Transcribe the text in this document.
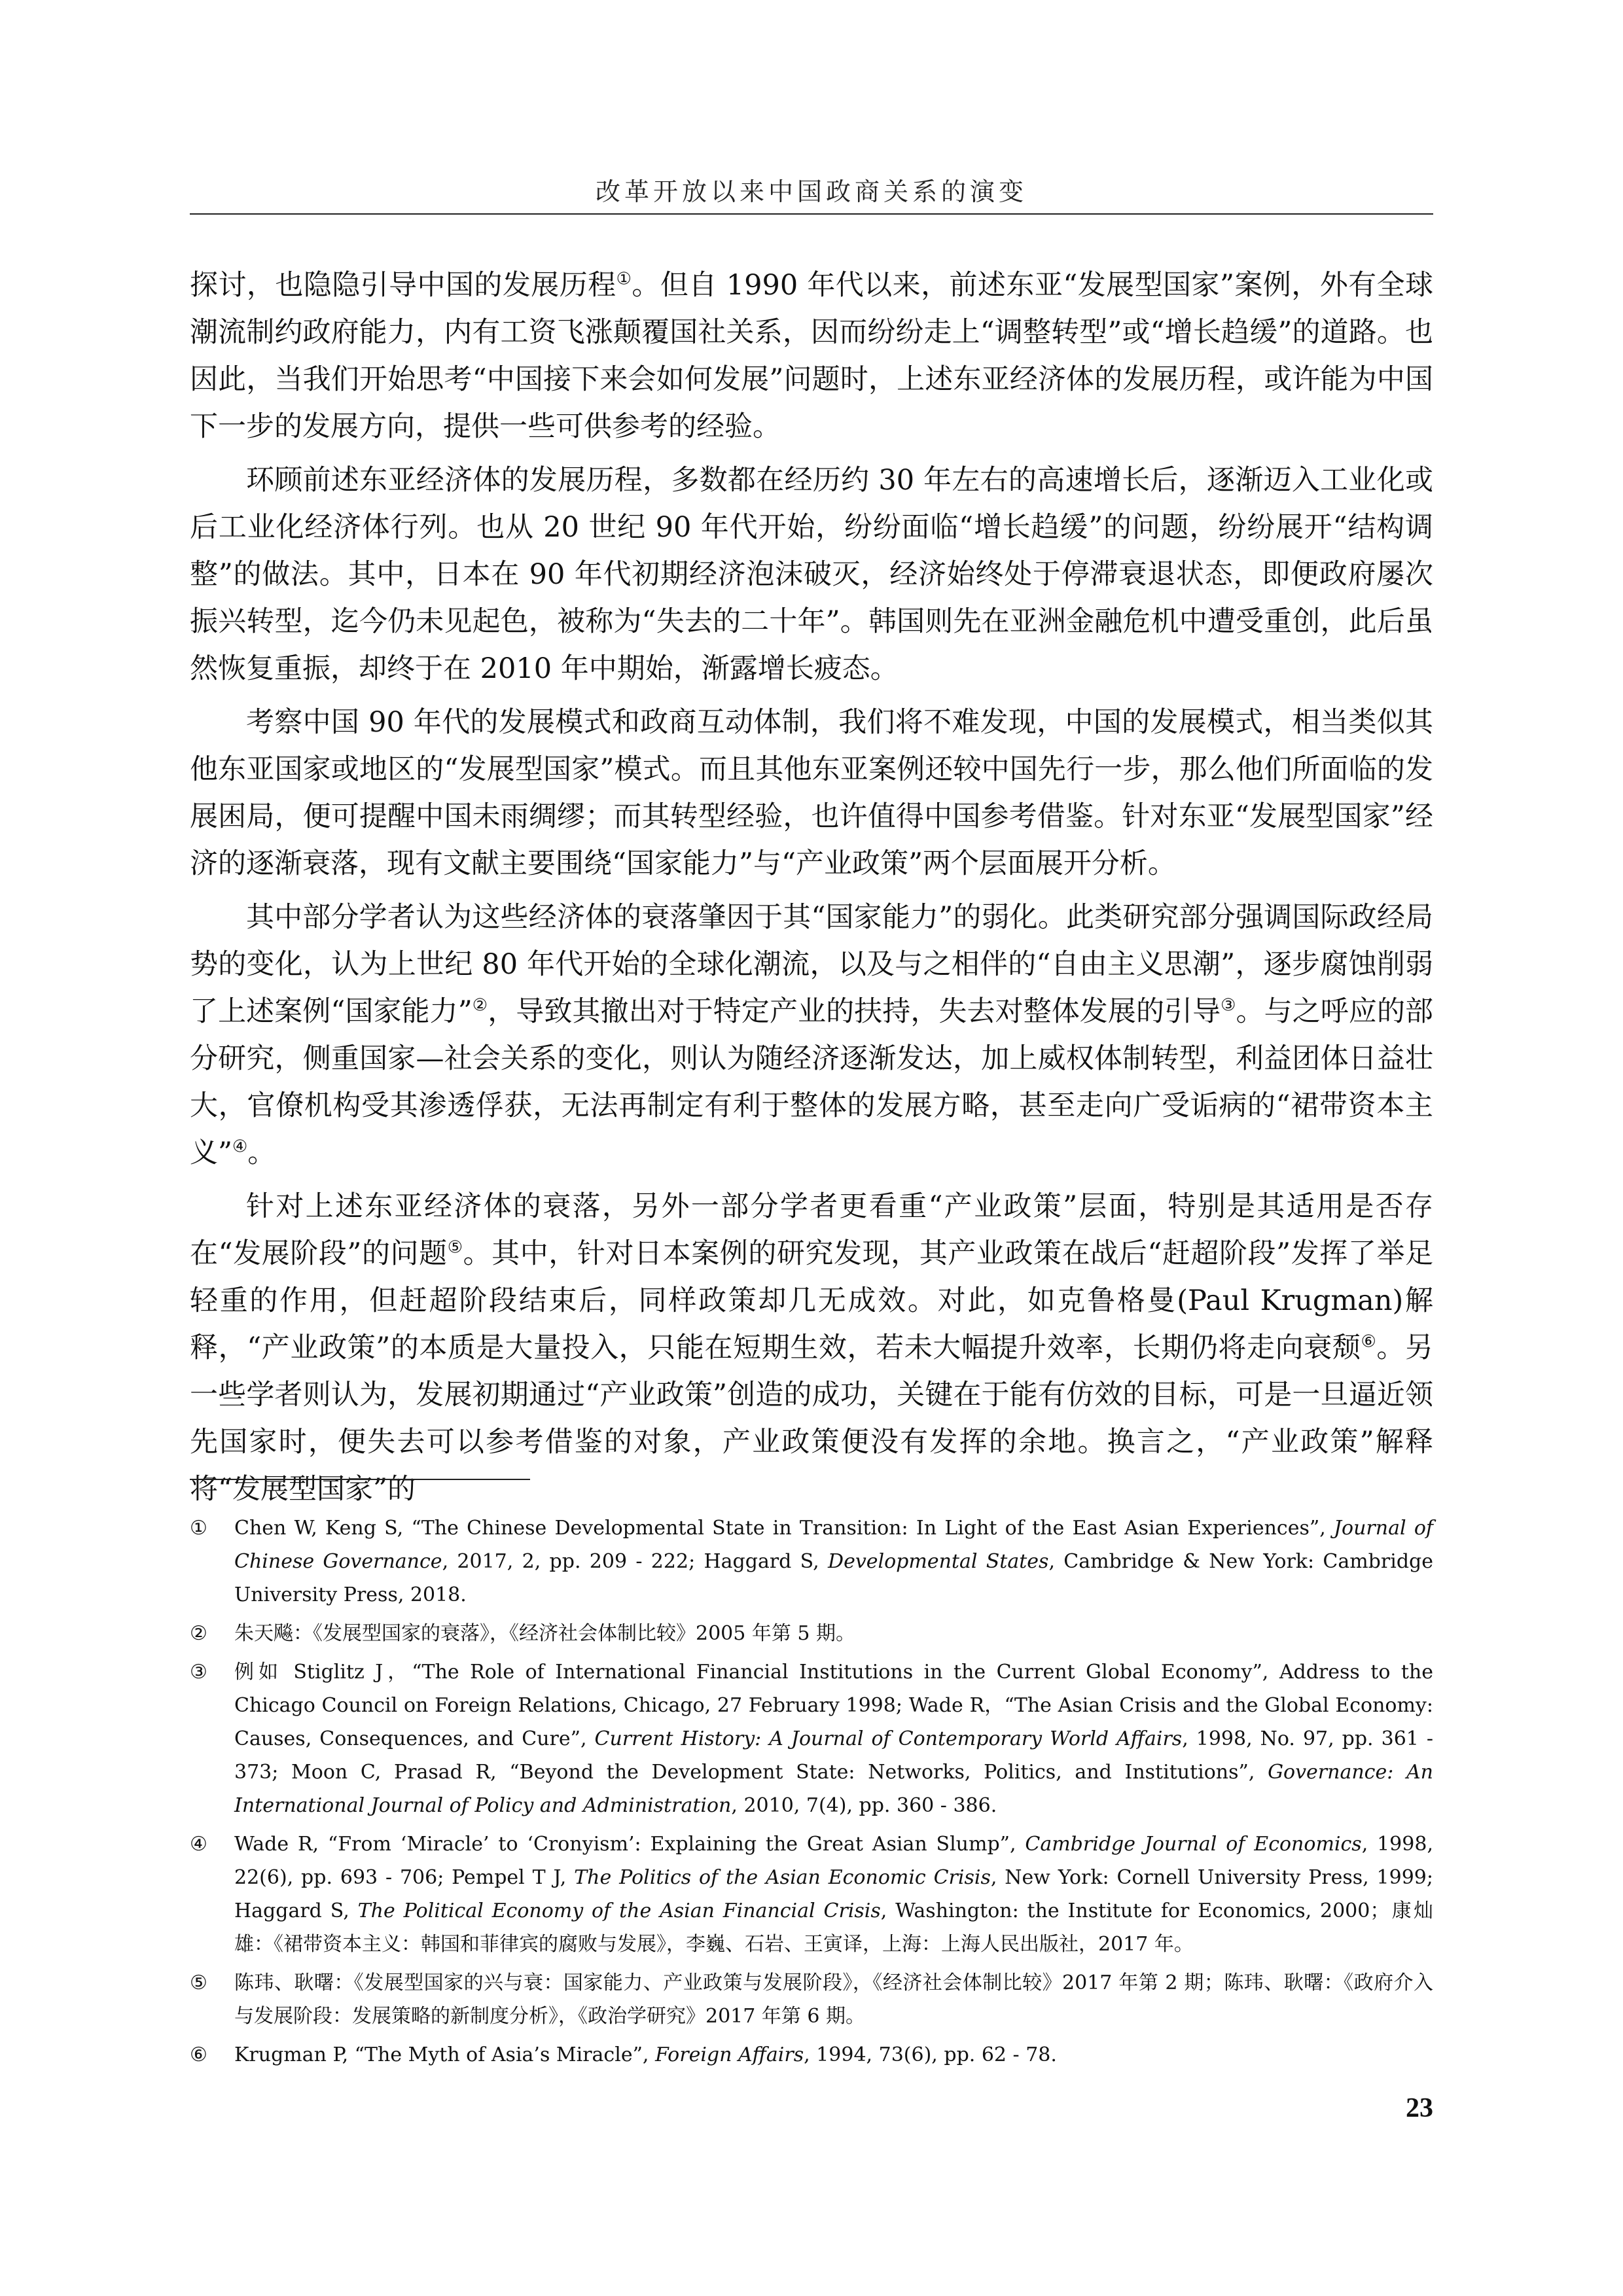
改革开放以来中国政商关系的演变

探讨，也隐隐引导中国的发展历程①。但自 1990 年代以来，前述东亚“发展型国家”案例，外有全球潮流制约政府能力，内有工资飞涨颠覆国社关系，因而纷纷走上“调整转型”或“增长趋缓”的道路。也因此，当我们开始思考“中国接下来会如何发展”问题时，上述东亚经济体的发展历程，或许能为中国下一步的发展方向，提供一些可供参考的经验。

环顾前述东亚经济体的发展历程，多数都在经历约 30 年左右的高速增长后，逐渐迈入工业化或后工业化经济体行列。也从 20 世纪 90 年代开始，纷纷面临“增长趋缓”的问题，纷纷展开“结构调整”的做法。其中，日本在 90 年代初期经济泡沫破灭，经济始终处于停滞衰退状态，即便政府屡次振兴转型，迄今仍未见起色，被称为“失去的二十年”。韩国则先在亚洲金融危机中遭受重创，此后虽然恢复重振，却终于在 2010 年中期始，渐露增长疲态。

考察中国 90 年代的发展模式和政商互动体制，我们将不难发现，中国的发展模式，相当类似其他东亚国家或地区的“发展型国家”模式。而且其他东亚案例还较中国先行一步，那么他们所面临的发展困局，便可提醒中国未雨绸缪；而其转型经验，也许值得中国参考借鉴。针对东亚“发展型国家”经济的逐渐衰落，现有文献主要围绕“国家能力”与“产业政策”两个层面展开分析。

其中部分学者认为这些经济体的衰落肇因于其“国家能力”的弱化。此类研究部分强调国际政经局势的变化，认为上世纪 80 年代开始的全球化潮流，以及与之相伴的“自由主义思潮”，逐步腐蚀削弱了上述案例“国家能力”②，导致其撤出对于特定产业的扶持，失去对整体发展的引导③。与之呼应的部分研究，侧重国家—社会关系的变化，则认为随经济逐渐发达，加上威权体制转型，利益团体日益壮大，官僚机构受其渗透俘获，无法再制定有利于整体的发展方略，甚至走向广受诟病的“裙带资本主义”④。

针对上述东亚经济体的衰落，另外一部分学者更看重“产业政策”层面，特别是其适用是否存在“发展阶段”的问题⑤。其中，针对日本案例的研究发现，其产业政策在战后“赶超阶段”发挥了举足轻重的作用，但赶超阶段结束后，同样政策却几无成效。对此，如克鲁格曼(Paul Krugman)解释，“产业政策”的本质是大量投入，只能在短期生效，若未大幅提升效率，长期仍将走向衰颓⑥。另一些学者则认为，发展初期通过“产业政策”创造的成功，关键在于能有仿效的目标，可是一旦逼近领先国家时，便失去可以参考借鉴的对象，产业政策便没有发挥的余地。换言之，“产业政策”解释将“发展型国家”的

①	Chen W, Keng S, “The Chinese Developmental State in Transition: In Light of the East Asian Experiences”, Journal of Chinese Governance, 2017, 2, pp. 209 - 222; Haggard S, Developmental States, Cambridge & New York: Cambridge University Press, 2018.
②	朱天飚：《发展型国家的衰落》，《经济社会体制比较》2005 年第 5 期。
③	例如 Stiglitz J，“The Role of International Financial Institutions in the Current Global Economy”, Address to the Chicago Council on Foreign Relations, Chicago, 27 February 1998; Wade R，“The Asian Crisis and the Global Economy: Causes, Consequences, and Cure”, Current History: A Journal of Contemporary World Affairs, 1998, No. 97, pp. 361 - 373; Moon C, Prasad R, “Beyond the Development State: Networks, Politics, and Institutions”, Governance: An International Journal of Policy and Administration, 2010, 7(4), pp. 360 - 386.
④	Wade R, “From ‘Miracle’ to ‘Cronyism’: Explaining the Great Asian Slump”, Cambridge Journal of Economics, 1998, 22(6), pp. 693 - 706; Pempel T J, The Politics of the Asian Economic Crisis, New York: Cornell University Press, 1999; Haggard S, The Political Economy of the Asian Financial Crisis, Washington: the Institute for Economics, 2000；康灿雄：《裙带资本主义：韩国和菲律宾的腐败与发展》，李巍、石岩、王寅译，上海：上海人民出版社，2017 年。
⑤	陈玮、耿曙：《发展型国家的兴与衰：国家能力、产业政策与发展阶段》，《经济社会体制比较》2017 年第 2 期；陈玮、耿曙：《政府介入与发展阶段：发展策略的新制度分析》，《政治学研究》2017 年第 6 期。
⑥	Krugman P, “The Myth of Asia’s Miracle”, Foreign Affairs, 1994, 73(6), pp. 62 - 78.
23
